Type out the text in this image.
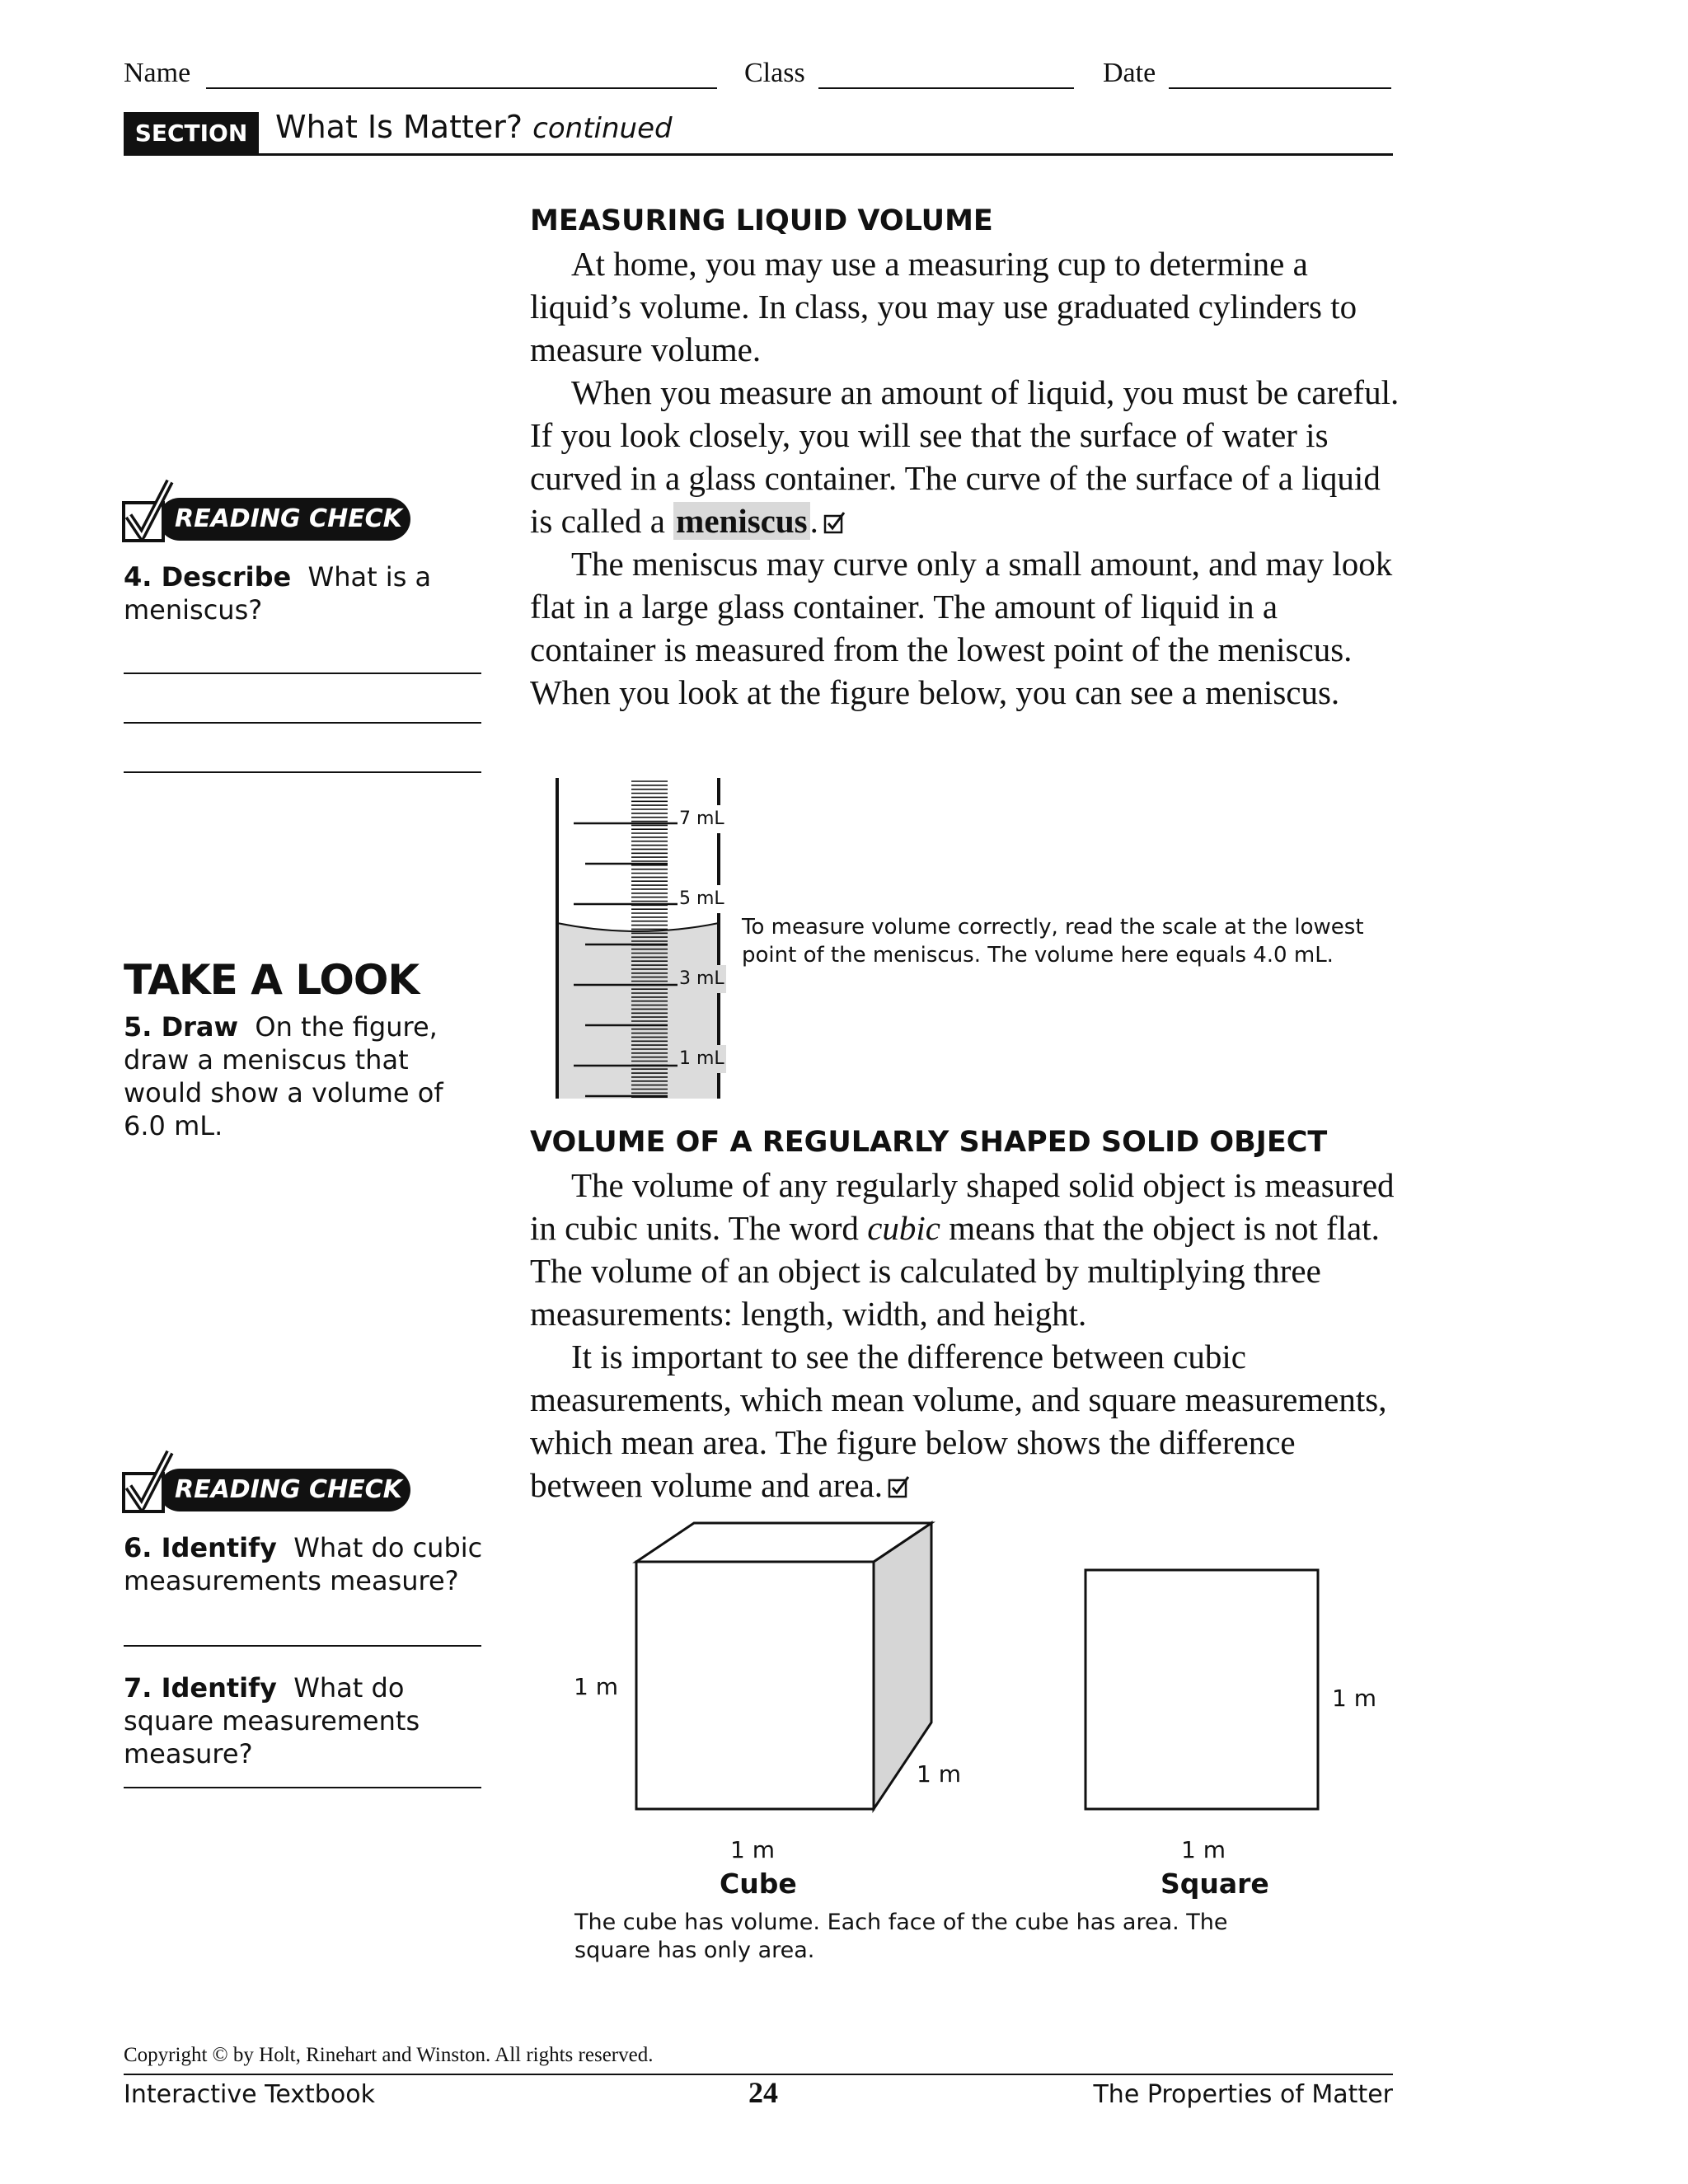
Name	Class	Date
SECTION 1
What Is Matter? continued
MEASURING LIQUID VOLUME

At home, you may use a measuring cup to determine a liquid’s volume. In class, you may use graduated cylinders to measure volume.

When you measure an amount of liquid, you must be careful. If you look closely, you will see that the surface of water is curved in a glass container. The curve of the surface of a liquid is called a meniscus.

The meniscus may curve only a small amount, and may look flat in a large glass container. The amount of liquid in a container is measured from the lowest point of the meniscus. When you look at the figure below, you can see a meniscus.

7 mL
5 mL
3 mL
1 mL
To measure volume correctly, read the scale at the lowest point of the meniscus. The volume here equals 4.0 mL.
VOLUME OF A REGULARLY SHAPED SOLID OBJECT

The volume of any regularly shaped solid object is measured in cubic units. The word cubic means that the object is not flat. The volume of an object is calculated by multiplying three measurements: length, width, and height.

It is important to see the difference between cubic measurements, which mean volume, and square measurements, which mean area. The figure below shows the difference between volume and area.

1 m
1 m
1 m
1 m
1 m
Cube	Square
The cube has volume. Each face of the cube has area. The square has only area.
READING CHECK
4. Describe What is a meniscus?
TAKE A LOOK
5. Draw On the figure, draw a meniscus that would show a volume of 6.0 mL.
READING CHECK
6. Identify What do cubic measurements measure?
7. Identify What do square measurements measure?
Copyright © by Holt, Rinehart and Winston. All rights reserved.
Interactive Textbook	24	The Properties of Matter
